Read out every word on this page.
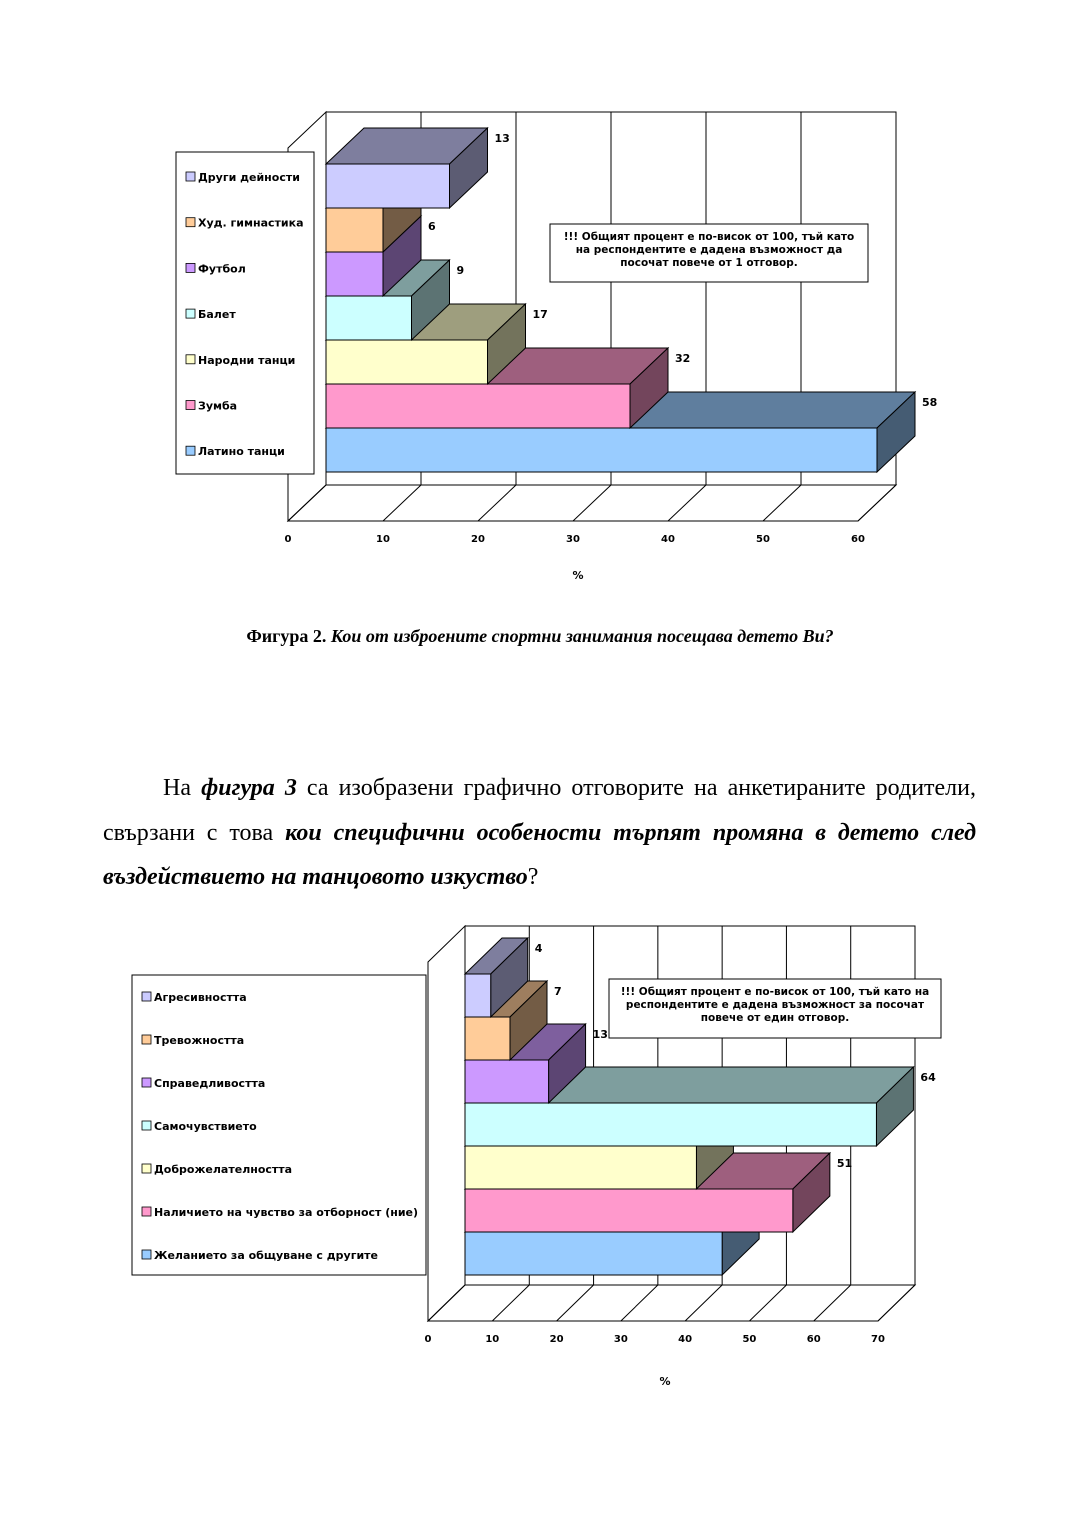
0	10	20	30	40	50	60
58
32
17
9
6
13
Други дейности
Худ. гимнастика
Футбол
Балет
Народни танци
Зумба
Латино танци
!!! Общият процент е по-висок от 100, тъй като
на респондентите е дадена възможност да
посочат повече от 1 отговор.
%

Фигура 2. Кои от изброените спортни занимания посещава детето Ви?

На фигура 3 са изобразени графично отговорите на анкетираните родители, свързани с това кои специфични особености търпят промяна в детето след въздействието на танцовото изкуство?

0	10	20	30	40	50	60	70
51
64
13
7
4
Агресивността
Тревожността
Справедливостта
Самочувствието
Доброжелателността
Наличието на чувство за отборност (ние)
Желанието за общуване с другите
!!! Общият процент е по-висок от 100, тъй като на
респондентите е дадена възможност за посочат
повече от един отговор.
%
